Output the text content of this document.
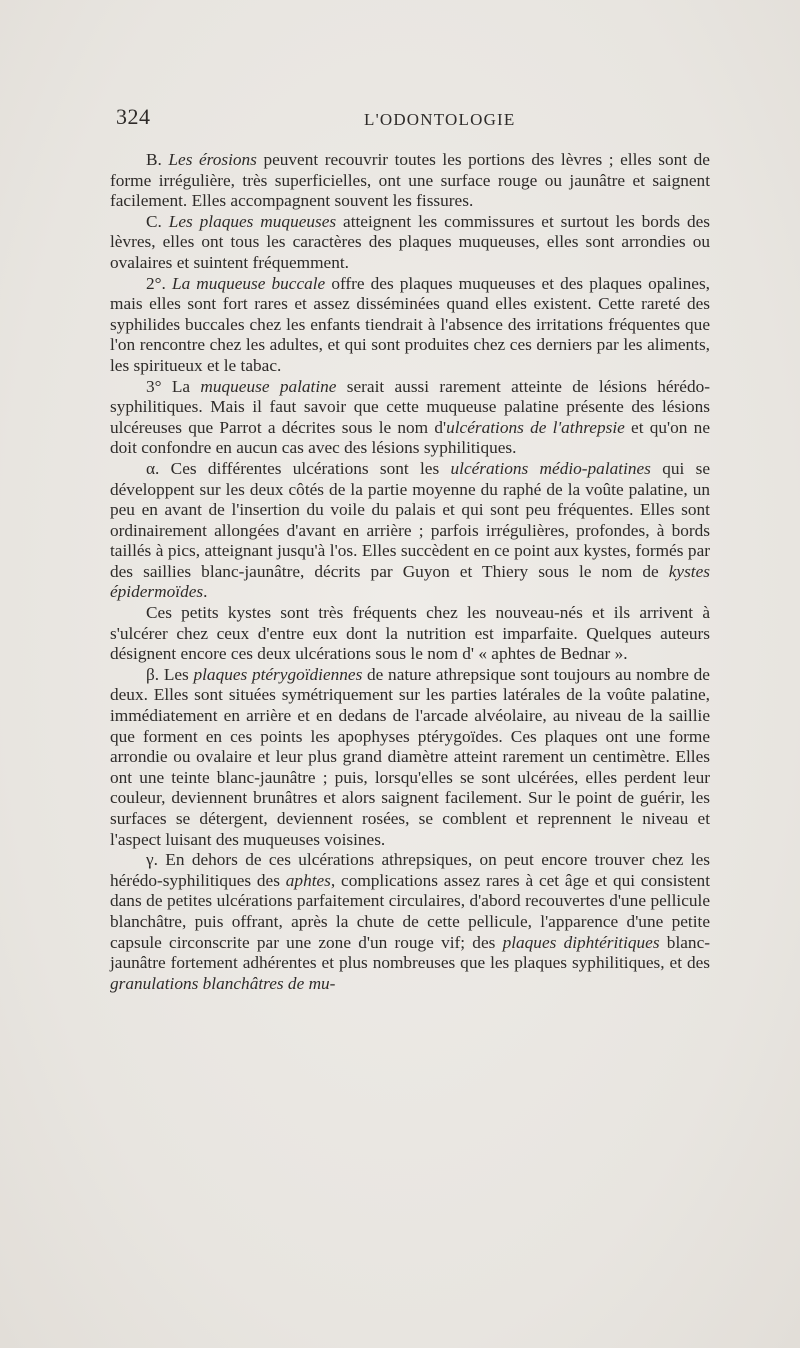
324	L'ODONTOLOGIE

B. Les érosions peuvent recouvrir toutes les portions des lèvres ; elles sont de forme irrégulière, très superficielles, ont une surface rouge ou jaunâtre et saignent facilement. Elles accompagnent souvent les fissures.

C. Les plaques muqueuses atteignent les commissures et surtout les bords des lèvres, elles ont tous les caractères des plaques muqueuses, elles sont arrondies ou ovalaires et suintent fréquemment.

2°. La muqueuse buccale offre des plaques muqueuses et des plaques opalines, mais elles sont fort rares et assez disséminées quand elles existent. Cette rareté des syphilides buccales chez les enfants tiendrait à l'absence des irritations fréquentes que l'on rencontre chez les adultes, et qui sont produites chez ces derniers par les aliments, les spiritueux et le tabac.

3° La muqueuse palatine serait aussi rarement atteinte de lésions hérédo-syphilitiques. Mais il faut savoir que cette muqueuse palatine présente des lésions ulcéreuses que Parrot a décrites sous le nom d'ulcérations de l'athrepsie et qu'on ne doit confondre en aucun cas avec des lésions syphilitiques.

α. Ces différentes ulcérations sont les ulcérations médio-palatines qui se développent sur les deux côtés de la partie moyenne du raphé de la voûte palatine, un peu en avant de l'insertion du voile du palais et qui sont peu fréquentes. Elles sont ordinairement allongées d'avant en arrière ; parfois irrégulières, profondes, à bords taillés à pics, atteignant jusqu'à l'os. Elles succèdent en ce point aux kystes, formés par des saillies blanc-jaunâtre, décrits par Guyon et Thiery sous le nom de kystes épidermoïdes.

Ces petits kystes sont très fréquents chez les nouveau-nés et ils arrivent à s'ulcérer chez ceux d'entre eux dont la nutrition est imparfaite. Quelques auteurs désignent encore ces deux ulcérations sous le nom d' « aphtes de Bednar ».

β. Les plaques ptérygoïdiennes de nature athrepsique sont toujours au nombre de deux. Elles sont situées symétriquement sur les parties latérales de la voûte palatine, immédiatement en arrière et en dedans de l'arcade alvéolaire, au niveau de la saillie que forment en ces points les apophyses ptérygoïdes. Ces plaques ont une forme arrondie ou ovalaire et leur plus grand diamètre atteint rarement un centimètre. Elles ont une teinte blanc-jaunâtre ; puis, lorsqu'elles se sont ulcérées, elles perdent leur couleur, deviennent brunâtres et alors saignent facilement. Sur le point de guérir, les surfaces se détergent, deviennent rosées, se comblent et reprennent le niveau et l'aspect luisant des muqueuses voisines.

γ. En dehors de ces ulcérations athrepsiques, on peut encore trouver chez les hérédo-syphilitiques des aphtes, complications assez rares à cet âge et qui consistent dans de petites ulcérations parfaitement circulaires, d'abord recouvertes d'une pellicule blanchâtre, puis offrant, après la chute de cette pellicule, l'apparence d'une petite capsule circonscrite par une zone d'un rouge vif; des plaques diphtéritiques blanc-jaunâtre fortement adhérentes et plus nombreuses que les plaques syphilitiques, et des granulations blanchâtres de mu-
